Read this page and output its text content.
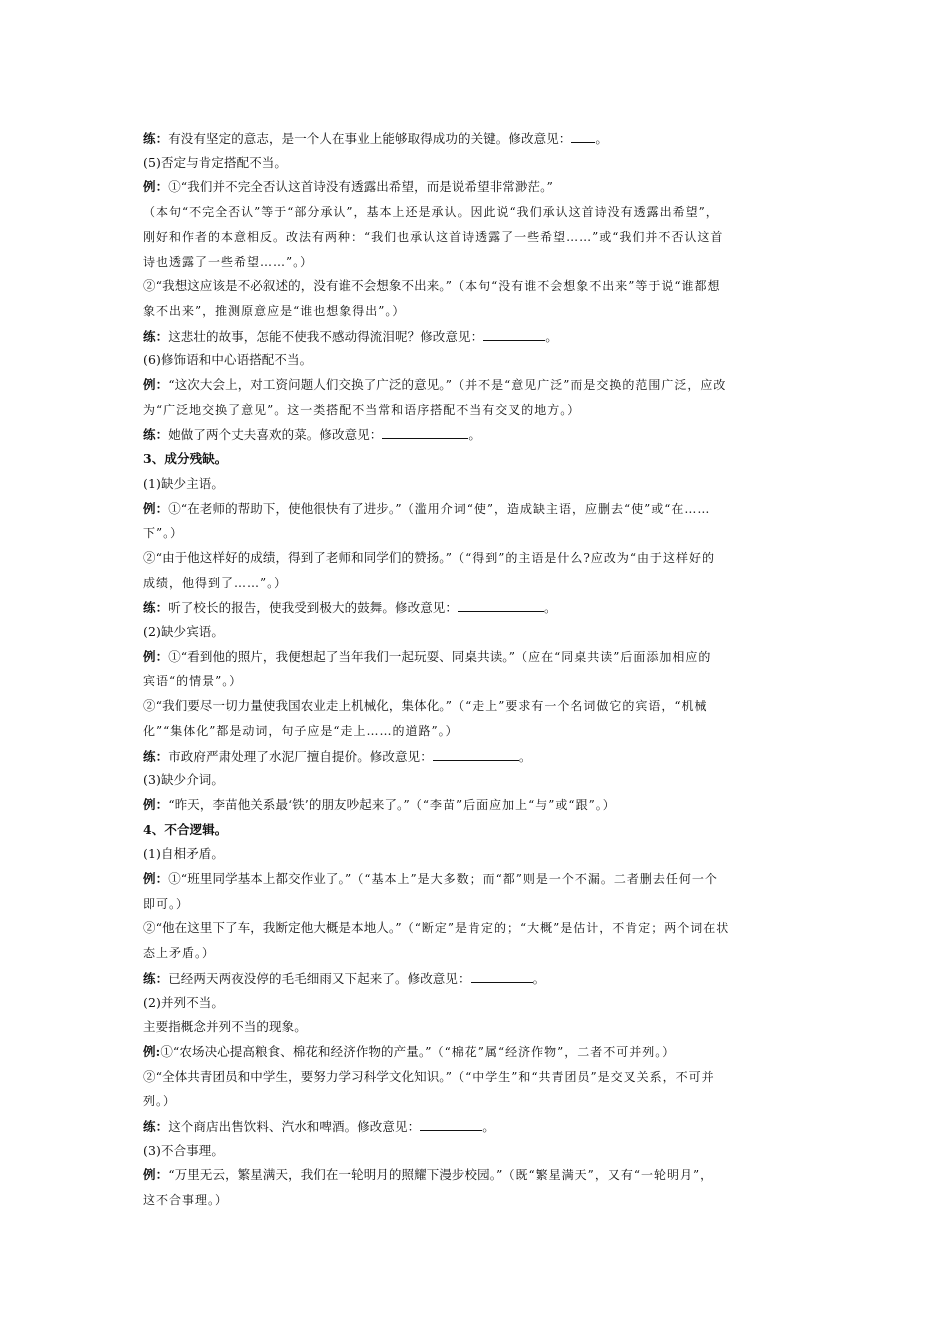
练：有没有坚定的意志，是一个人在事业上能够取得成功的关键。修改意见： 。
(5)否定与肯定搭配不当。
例：①“我们并不完全否认这首诗没有透露出希望，而是说希望非常渺茫。”
（本句“不完全否认”等于“部分承认”，基本上还是承认。因此说“我们承认这首诗没有透露出希望”，
刚好和作者的本意相反。改法有两种：“我们也承认这首诗透露了一些希望……”或“我们并不否认这首
诗也透露了一些希望……”。）
②“我想这应该是不必叙述的，没有谁不会想象不出来。”（本句“没有谁不会想象不出来”等于说“谁都想
象不出来”，推测原意应是“谁也想象得出”。）
练：这悲壮的故事，怎能不使我不感动得流泪呢？修改意见：	。
(6)修饰语和中心语搭配不当。
例：“这次大会上，对工资问题人们交换了广泛的意见。”（并不是“意见广泛”而是交换的范围广泛，应改
为“广泛地交换了意见”。这一类搭配不当常和语序搭配不当有交叉的地方。）
练：她做了两个丈夫喜欢的菜。修改意见：	。
3、成分残缺。
(1)缺少主语。
例：①“在老师的帮助下，使他很快有了进步。”（滥用介词“使”，造成缺主语，应删去“使”或“在……
下”。）
②“由于他这样好的成绩，得到了老师和同学们的赞扬。”（“得到”的主语是什么?应改为“由于这样好的
成绩，他得到了……”。）
练：听了校长的报告，使我受到极大的鼓舞。修改意见：	。
(2)缺少宾语。
例：①“看到他的照片，我便想起了当年我们一起玩耍、同桌共读。”（应在“同桌共读”后面添加相应的
宾语“的情景”。）
②“我们要尽一切力量使我国农业走上机械化，集体化。”（“走上”要求有一个名词做它的宾语，“机械
化”“集体化”都是动词，句子应是“走上……的道路”。）
练：市政府严肃处理了水泥厂擅自提价。修改意见：	。
(3)缺少介词。
例：“昨天，李苗他关系最‘铁’的朋友吵起来了。”（“李苗”后面应加上“与”或“跟”。）
4、不合逻辑。
(1)自相矛盾。
例：①“班里同学基本上都交作业了。”（“基本上”是大多数；而“都”则是一个不漏。二者删去任何一个
即可。）
②“他在这里下了车，我断定他大概是本地人。”（“断定”是肯定的；“大概”是估计，不肯定；两个词在状
态上矛盾。）
练：已经两天两夜没停的毛毛细雨又下起来了。修改意见：	。
(2)并列不当。
主要指概念并列不当的现象。
例:①“农场决心提高粮食、棉花和经济作物的产量。”（“棉花”属“经济作物”，二者不可并列。）
②“全体共青团员和中学生，要努力学习科学文化知识。”（“中学生”和“共青团员”是交叉关系，不可并
列。）
练：这个商店出售饮料、汽水和啤酒。修改意见：	。
(3)不合事理。
例：“万里无云，繁星满天，我们在一轮明月的照耀下漫步校园。”（既“繁星满天”，又有“一轮明月”，
这不合事理。）
